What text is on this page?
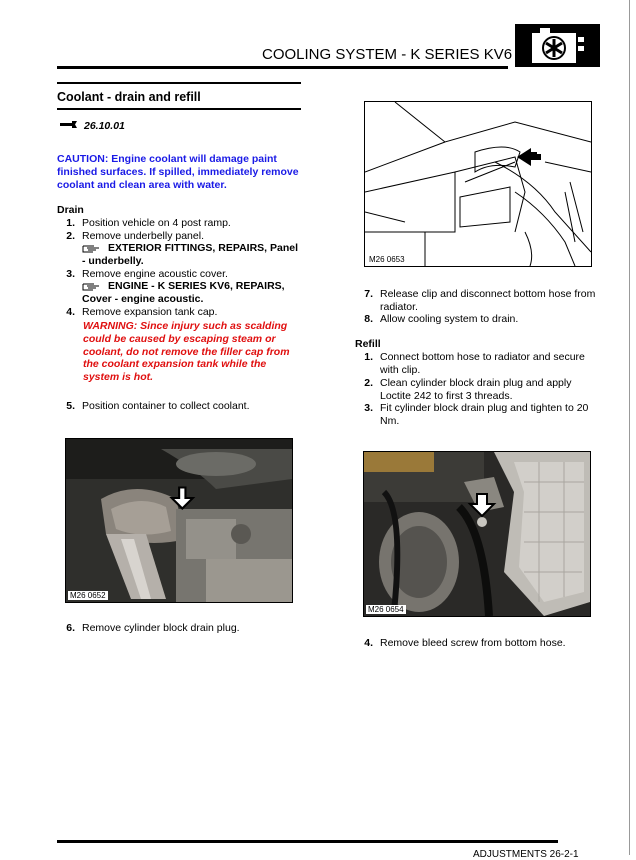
COOLING SYSTEM - K SERIES KV6
Coolant - drain and refill
26.10.01
CAUTION: Engine coolant will damage paint finished surfaces. If spilled, immediately remove coolant and clean area with water.
Drain
1. Position vehicle on 4 post ramp.
2. Remove underbelly panel.
EXTERIOR FITTINGS, REPAIRS, Panel
- underbelly.
3. Remove engine acoustic cover.
ENGINE - K SERIES KV6, REPAIRS,
Cover - engine acoustic.
4. Remove expansion tank cap.
WARNING: Since injury such as scalding could be caused by escaping steam or coolant, do not remove the filler cap from the coolant expansion tank while the system is hot.
5. Position container to collect coolant.
M26 0652
6. Remove cylinder block drain plug.
M26 0653
7. Release clip and disconnect bottom hose from radiator.
8. Allow cooling system to drain.
Refill
1. Connect bottom hose to radiator and secure with clip.
2. Clean cylinder block drain plug and apply Loctite 242 to first 3 threads.
3. Fit cylinder block drain plug and tighten to 20 Nm.
M26 0654
4. Remove bleed screw from bottom hose.
ADJUSTMENTS 26-2-1
